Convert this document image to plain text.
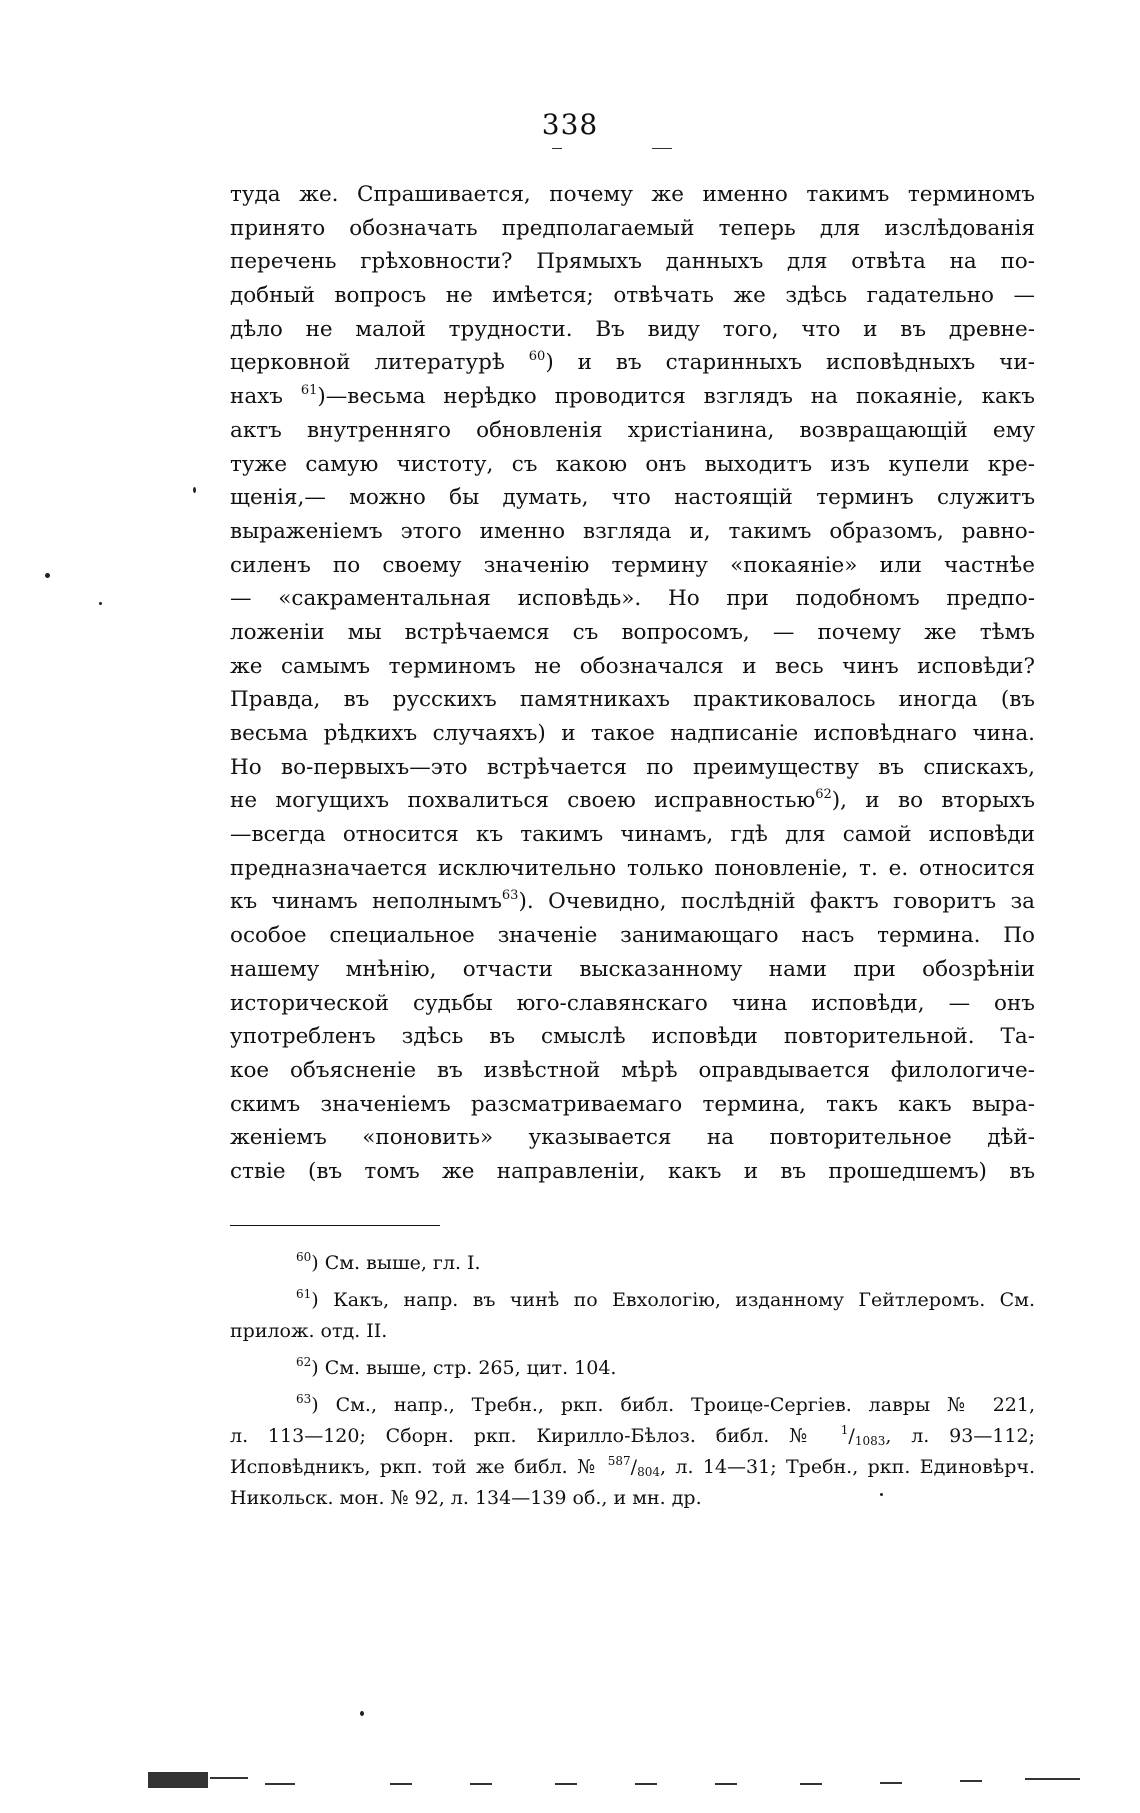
338
туда же. Спрашивается, почему же именно такимъ терминомъ
принято обозначать предполагаемый теперь для изслѣдованія
перечень грѣховности? Прямыхъ данныхъ для отвѣта на по-
добный вопросъ не имѣется; отвѣчать же здѣсь гадательно —
дѣло не малой трудности. Въ виду того, что и въ древне-
церковной литературѣ $^{60}$) и въ старинныхъ исповѣдныхъ чи-
нахъ $^{61}$)—весьма нерѣдко проводится взглядъ на покаяніе, какъ
актъ внутренняго обновленія христіанина, возвращающій ему
туже самую чистоту, съ какою онъ выходитъ изъ купели кре-
щенія,— можно бы думать, что настоящій терминъ служитъ
выраженіемъ этого именно взгляда и, такимъ образомъ, равно-
силенъ по своему значенію термину «покаяніе» или частнѣе
— «сакраментальная исповѣдь». Но при подобномъ предпо-
ложеніи мы встрѣчаемся съ вопросомъ, — почему же тѣмъ
же самымъ терминомъ не обозначался и весь чинъ исповѣди?
Правда, въ русскихъ памятникахъ практиковалось иногда (въ
весьма рѣдкихъ случаяхъ) и такое надписаніе исповѣднаго чина.
Но во-первыхъ—это встрѣчается по преимуществу въ спискахъ,
не могущихъ похвалиться своею исправностью$^{62}$), и во вторыхъ
—всегда относится къ такимъ чинамъ, гдѣ для самой исповѣди
предназначается исключительно только поновленіе, т. е. относится
къ чинамъ неполнымъ$^{63}$). Очевидно, послѣдній фактъ говоритъ за
особое специальное значеніе занимающаго насъ термина. По
нашему мнѣнію, отчасти высказанному нами при обозрѣніи
исторической судьбы юго-славянскаго чина исповѣди, — онъ
употребленъ здѣсь въ смыслѣ исповѣди повторительной. Та-
кое объясненіе въ извѣстной мѣрѣ оправдывается филологиче-
скимъ значеніемъ разсматриваемаго термина, такъ какъ выра-
женіемъ «поновить» указывается на повторительное дѣй-
ствіе (въ томъ же направленіи, какъ и въ прошедшемъ) въ
$^{60}$) См. выше, гл. I.
$^{61}$) Какъ, напр. въ чинѣ по Евхологію, изданному Гейтлеромъ. См.
прилож. отд. II.
$^{62}$) См. выше, стр. 265, цит. 104.
$^{63}$) См., напр., Требн., ркп. библ. Троице-Сергіев. лавры № 221,
л. 113—120; Сборн. ркп. Кирилло-Бѣлоз. библ. № $^1$/1083, л. 93—112;
Исповѣдникъ, ркп. той же библ. № $^{587}$/804, л. 14—31; Требн., ркп. Единовѣрч.
Никольск. мон. № 92, л. 134—139 об., и мн. др.
